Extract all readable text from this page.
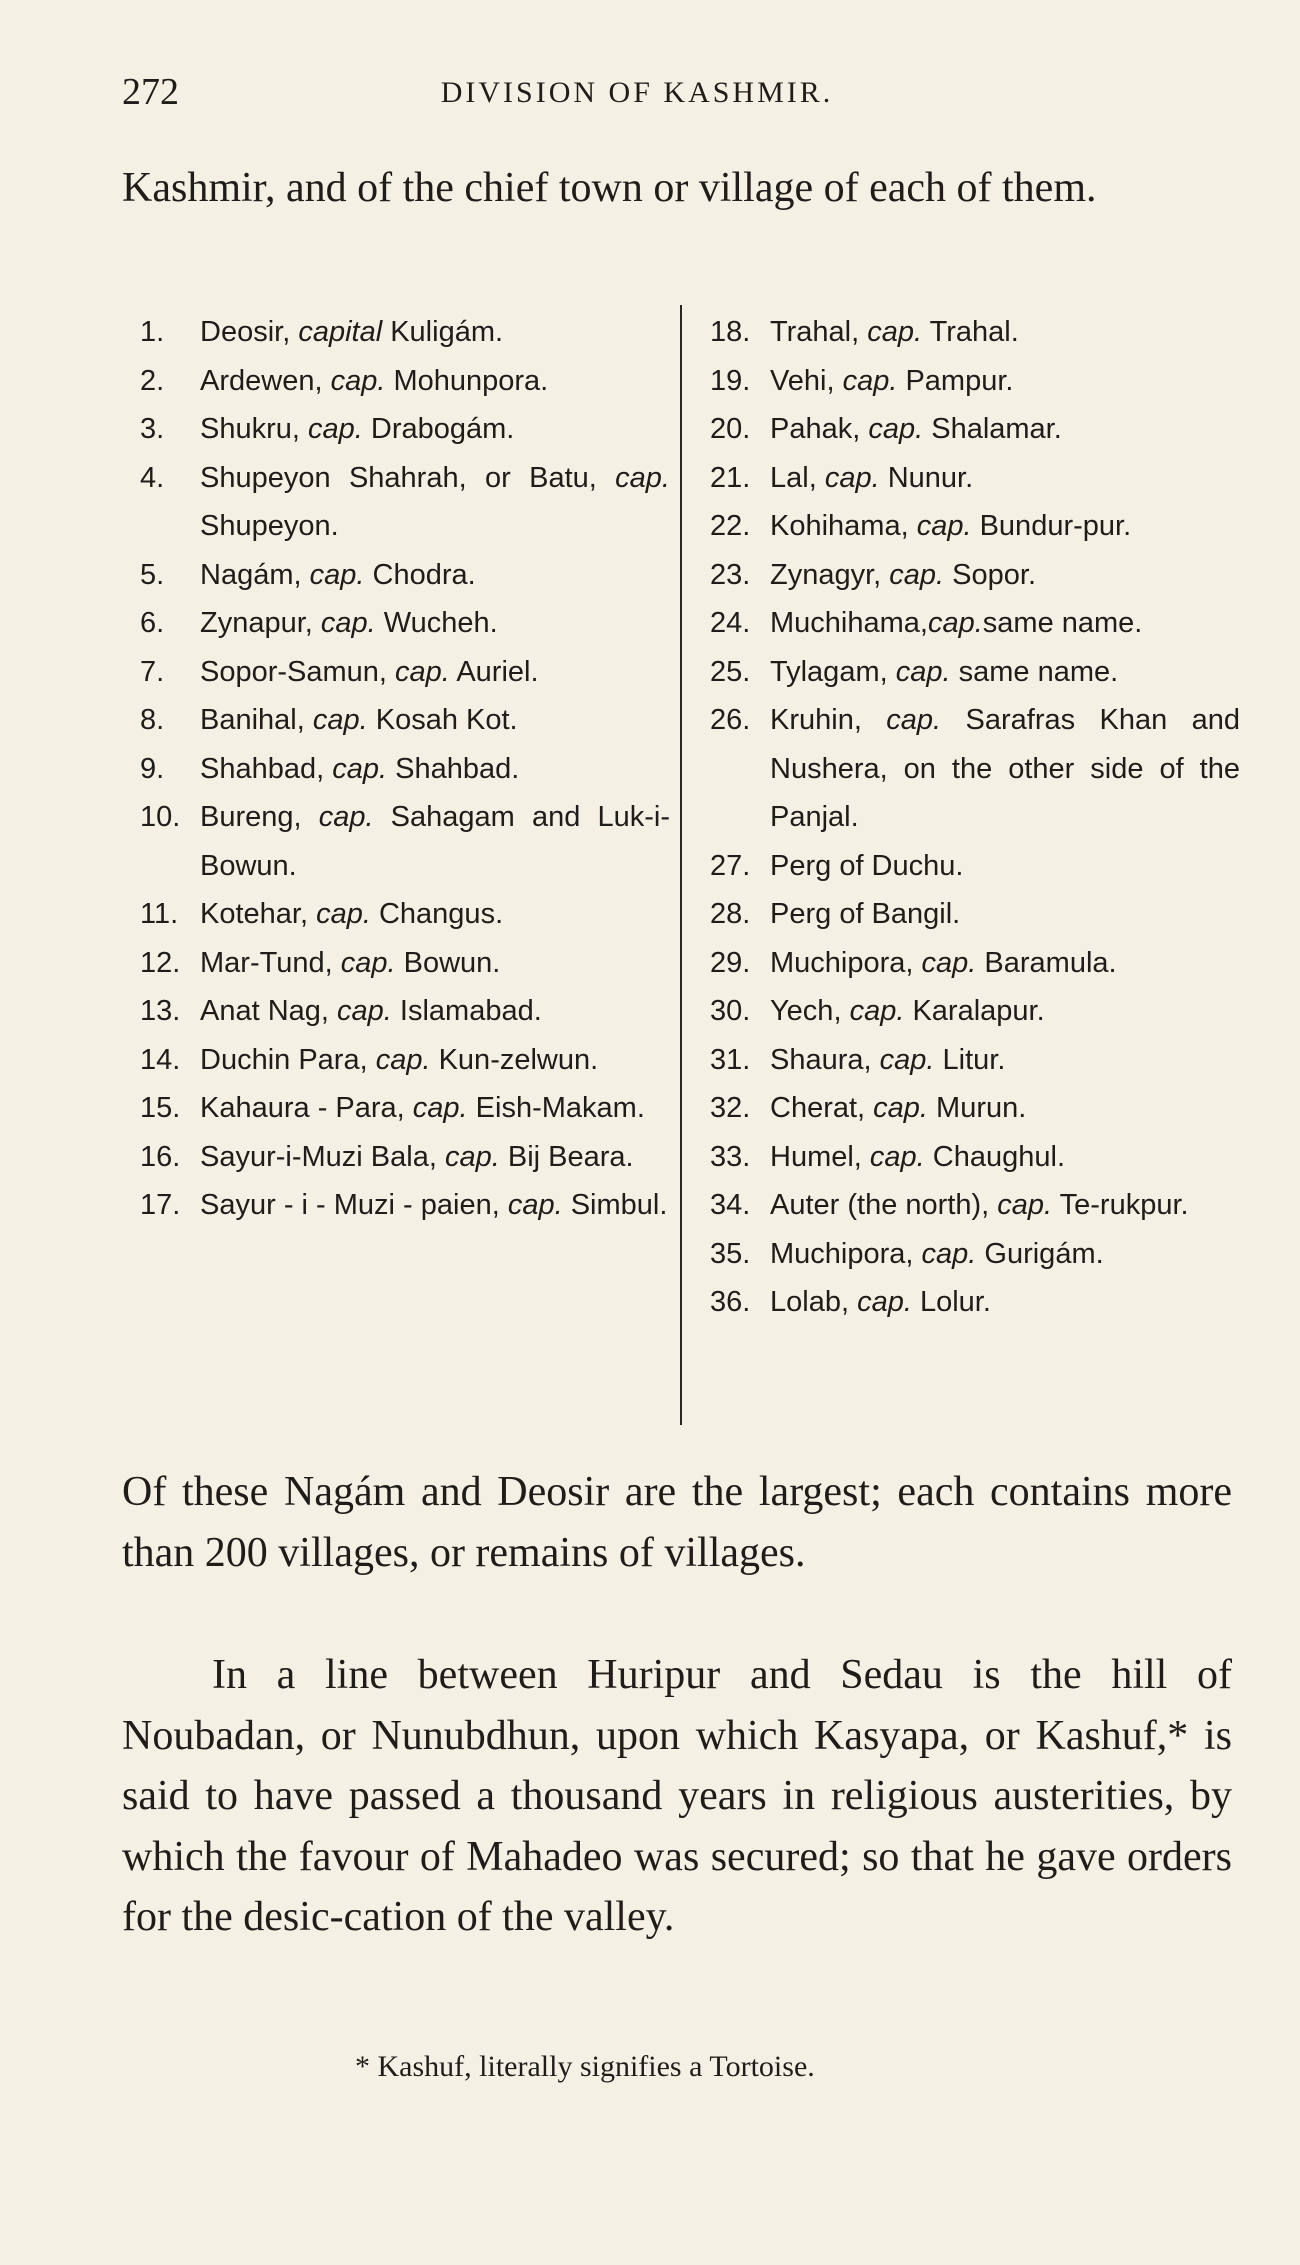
272	DIVISION OF KASHMIR.

Kashmir, and of the chief town or village of each of them.

1.	Deosir, capital Kuligám.

2.	Ardewen, cap. Mohunpora.

3.	Shukru, cap. Drabogám.

4.	Shupeyon Shahrah, or Batu, cap. Shupeyon.

5.	Nagám, cap. Chodra.

6.	Zynapur, cap. Wucheh.

7.	Sopor-Samun, cap. Auriel.

8.	Banihal, cap. Kosah Kot.

9.	Shahbad, cap. Shahbad.

10. Bureng, cap. Sahagam and Luk-i-Bowun.

11. Kotehar, cap. Changus.

12. Mar-Tund, cap. Bowun.

13. Anat Nag, cap. Islamabad.

14. Duchin Para, cap. Kun-zelwun.

15. Kahaura - Para, cap. Eish-Makam.

16. Sayur-i-Muzi Bala, cap. Bij Beara.

17. Sayur - i - Muzi - paien, cap. Simbul.

18. Trahal, cap. Trahal.

19. Vehi, cap. Pampur.

20. Pahak, cap. Shalamar.

21. Lal, cap. Nunur.

22. Kohihama, cap. Bundur-pur.

23. Zynagyr, cap. Sopor.

24. Muchihama,cap.same name.

25. Tylagam, cap. same name.

26. Kruhin, cap. Sarafras Khan and Nushera, on the other side of the Panjal.

27. Perg of Duchu.

28. Perg of Bangil.

29. Muchipora, cap. Baramula.

30. Yech, cap. Karalapur.

31. Shaura, cap. Litur.

32. Cherat, cap. Murun.

33. Humel, cap. Chaughul.

34. Auter (the north), cap. Te-rukpur.

35. Muchipora, cap. Gurigám.

36. Lolab, cap. Lolur.

Of these Nagám and Deosir are the largest; each contains more than 200 villages, or remains of villages.

In a line between Huripur and Sedau is the hill of Noubadan, or Nunubdhun, upon which Kasyapa, or Kashuf,* is said to have passed a thousand years in religious austerities, by which the favour of Mahadeo was secured; so that he gave orders for the desic-cation of the valley.

* Kashuf, literally signifies a Tortoise.
